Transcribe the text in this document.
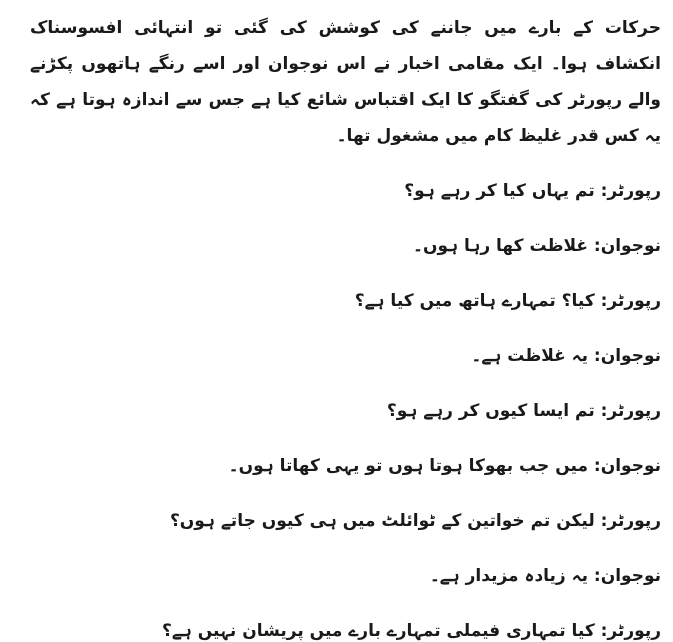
حرکات کے بارے میں جاننے کی کوشش کی گئی تو انتہائی افسوسناک انکشاف ہوا۔ ایک مقامی اخبار نے اس نوجوان اور اسے رنگے ہاتھوں پکڑنے والے رپورٹر کی گفتگو کا ایک اقتباس شائع کیا ہے جس سے اندازہ ہوتا ہے کہ یہ کس قدر غلیظ کام میں مشغول تھا۔

رپورٹر: تم یہاں کیا کر رہے ہو؟

نوجوان: غلاظت کھا رہا ہوں۔

رپورٹر: کیا؟ تمہارے ہاتھ میں کیا ہے؟

نوجوان: یہ غلاظت ہے۔

رپورٹر: تم ایسا کیوں کر رہے ہو؟

نوجوان: میں جب بھوکا ہوتا ہوں تو یہی کھاتا ہوں۔

رپورٹر: لیکن تم خواتین کے ٹوائلٹ میں ہی کیوں جاتے ہوں؟

نوجوان: یہ زیادہ مزیدار ہے۔

رپورٹر: کیا تمہاری فیملی تمہارے بارے میں پریشان نہیں ہے؟
